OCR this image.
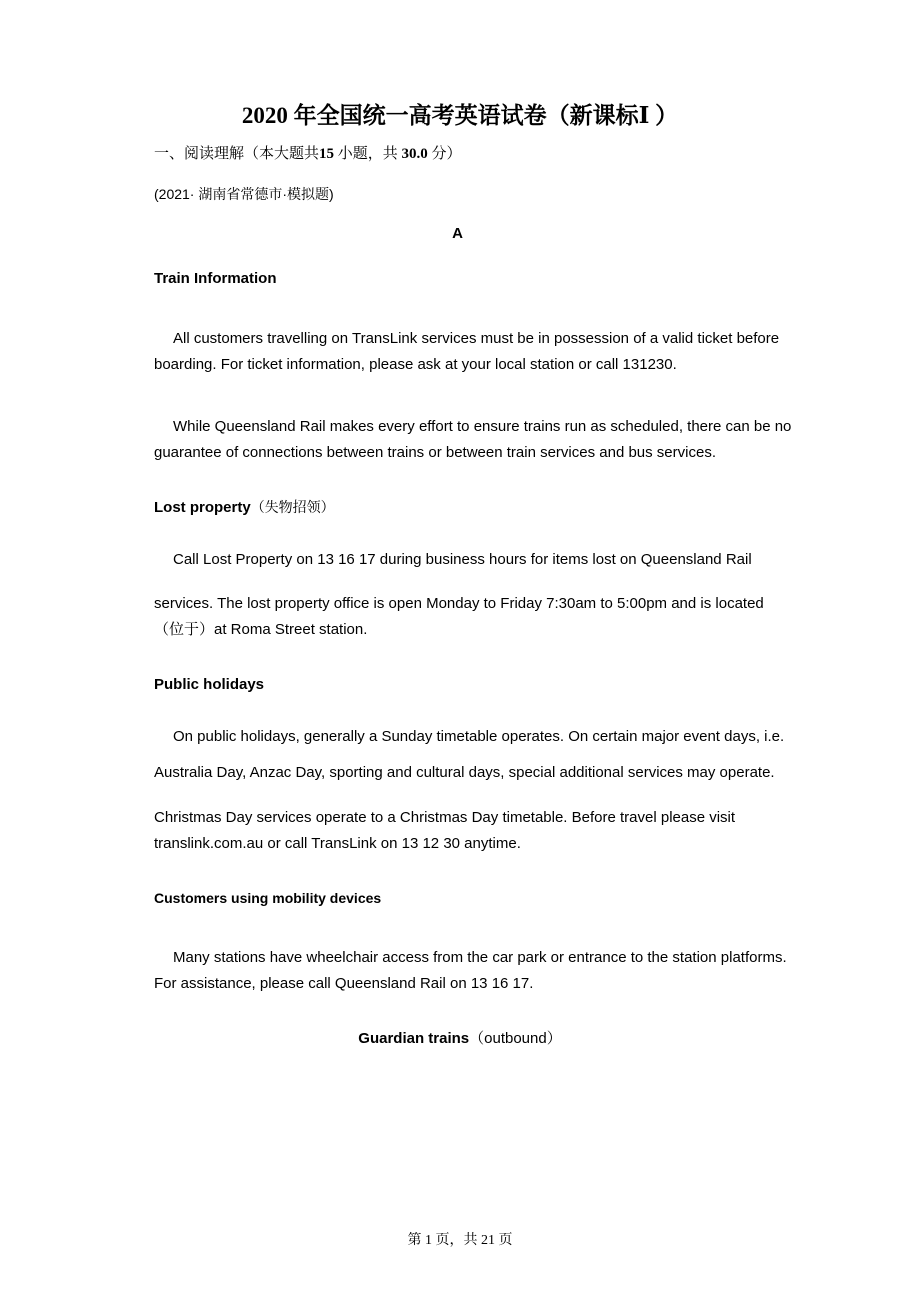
2020 年全国统一高考英语试卷（新课标Ⅰ ）
一、阅读理解（本大题共15 小题，共 30.0 分）
(2021· 湖南省常德市·模拟题)
A
Train Information
All customers travelling on TransLink services must be in possession of a valid ticket before
boarding. For ticket information, please ask at your local station or call 131230.
While Queensland Rail makes every effort to ensure trains run as scheduled, there can be no
guarantee of connections between trains or between train services and bus services.
Lost property（失物招领）
Call Lost Property on 13 16 17 during business hours for items lost on Queensland Rail
services. The lost property office is open Monday to Friday 7:30am to 5:00pm and is located
（位于）at Roma Street station.
Public holidays
On public holidays, generally a Sunday timetable operates. On certain major event days, i.e.
Australia Day, Anzac Day, sporting and cultural days, special additional services may operate.
Christmas Day services operate to a Christmas Day timetable. Before travel please visit
translink.com.au or call TransLink on 13 12 30 anytime.
Customers using mobility devices
Many stations have wheelchair access from the car park or entrance to the station platforms.
For assistance, please call Queensland Rail on 13 16 17.
Guardian trains（outbound）
第 1 页，共 21 页
